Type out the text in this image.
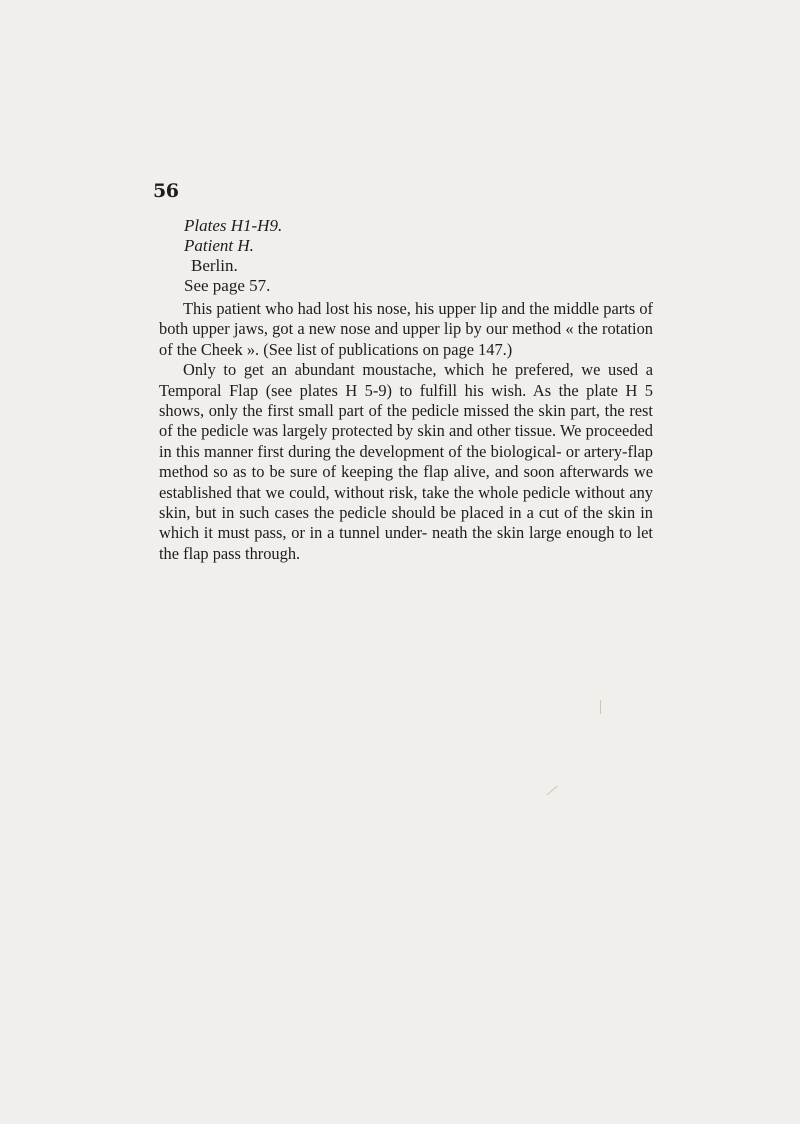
56
Plates H1-H9.
Patient H.
Berlin.
See page 57.

This patient who had lost his nose, his upper lip and the middle parts of both upper jaws, got a new nose and upper lip by our method « the rotation of the Cheek ». (See list of publications on page 147.)

Only to get an abundant moustache, which he prefered, we used a Temporal Flap (see plates H 5-9) to fulfill his wish. As the plate H 5 shows, only the first small part of the pedicle missed the skin part, the rest of the pedicle was largely protected by skin and other tissue. We proceeded in this manner first during the development of the biological- or artery-flap method so as to be sure of keeping the flap alive, and soon afterwards we established that we could, without risk, take the whole pedicle without any skin, but in such cases the pedicle should be placed in a cut of the skin in which it must pass, or in a tunnel under- neath the skin large enough to let the flap pass through.
